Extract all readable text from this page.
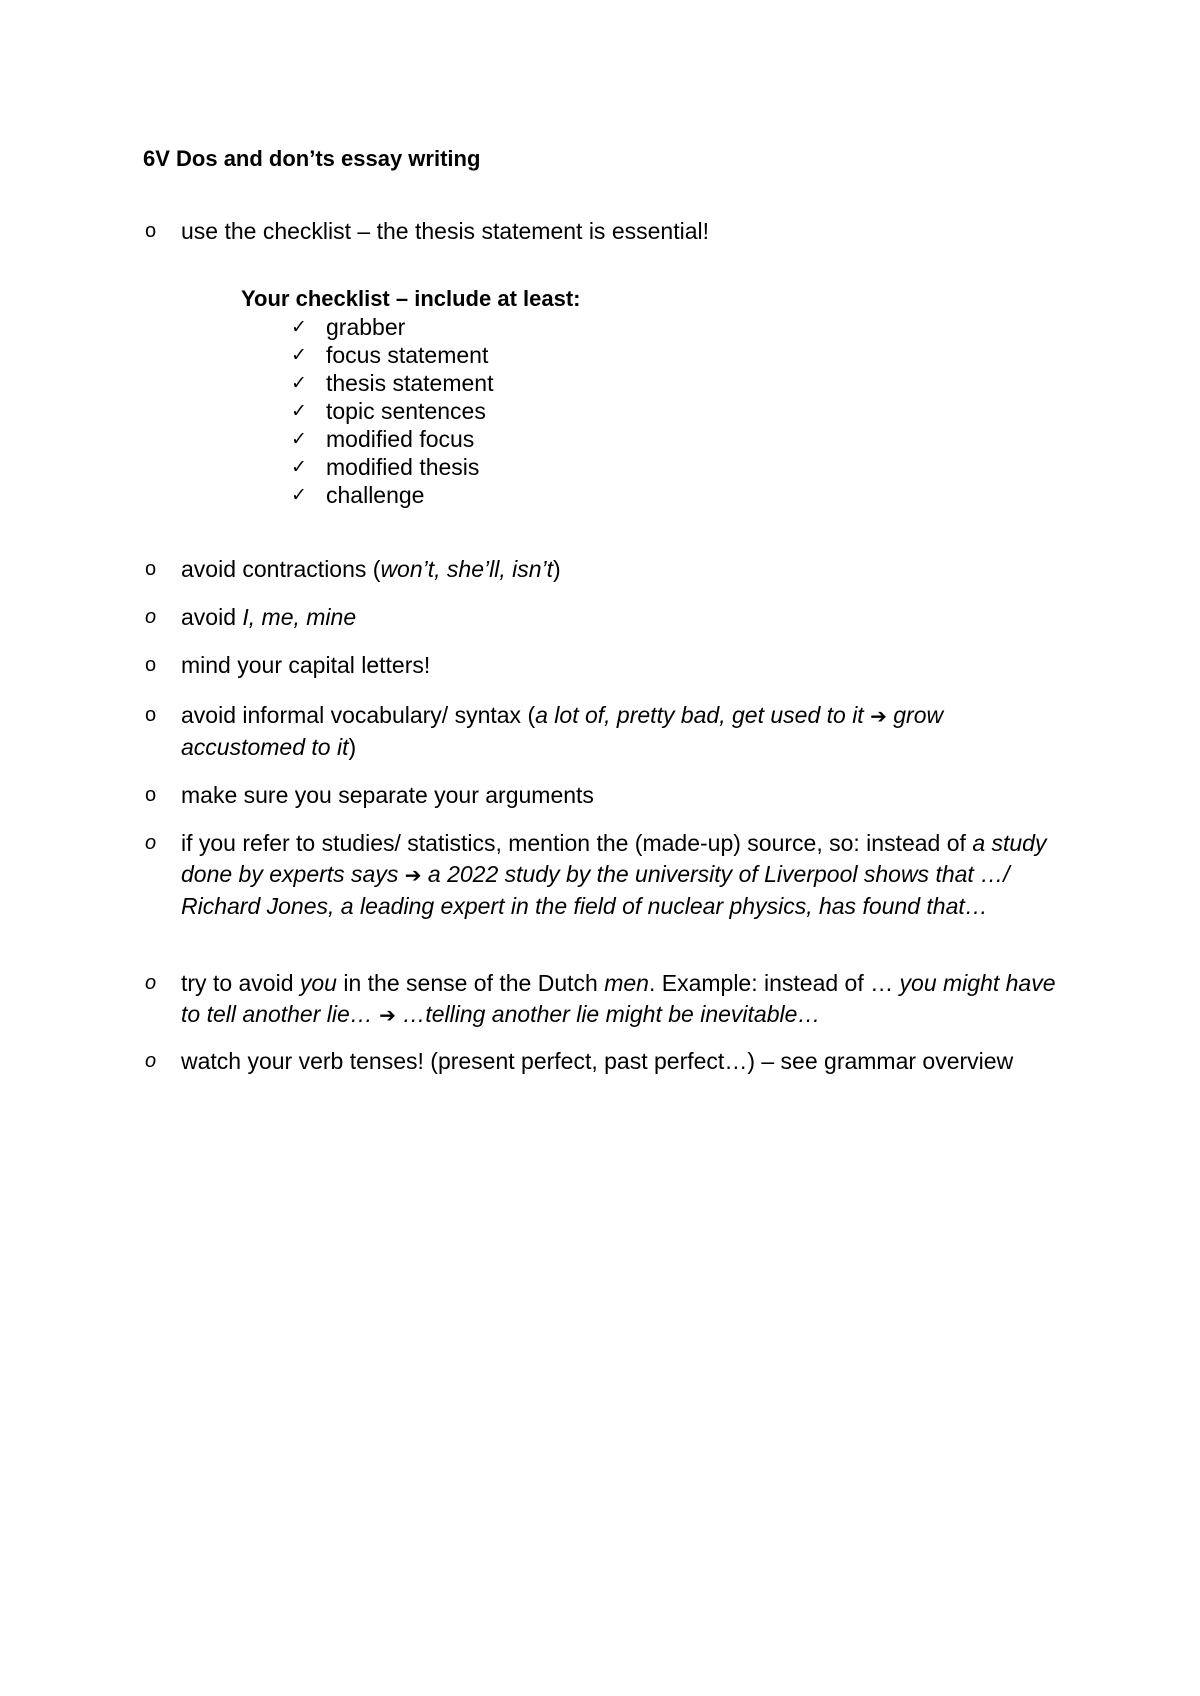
6V Dos and don’ts essay writing
o	use the checklist – the thesis statement is essential!
Your checklist – include at least:
✓ grabber
✓ focus statement
✓ thesis statement
✓ topic sentences
✓ modified focus
✓ modified thesis
✓ challenge
o	avoid contractions (won’t, she’ll, isn’t)
o	avoid I, me, mine
o	mind your capital letters!
o	avoid informal vocabulary/ syntax (a lot of, pretty bad, get used to it ➔ grow accustomed to it)
o	make sure you separate your arguments
o	if you refer to studies/ statistics, mention the (made-up) source, so: instead of a study done by experts says ➔ a 2022 study by the university of Liverpool shows that …/ Richard Jones, a leading expert in the field of nuclear physics, has found that…
o	try to avoid you in the sense of the Dutch men. Example: instead of … you might have to tell another lie… ➔ …telling another lie might be inevitable…
o	watch your verb tenses! (present perfect, past perfect…) – see grammar overview
